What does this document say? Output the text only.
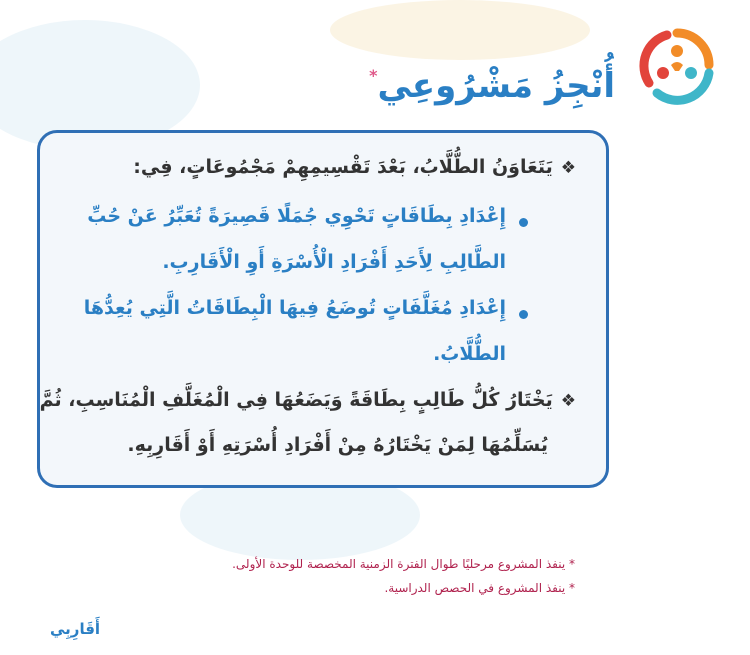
أُنْجِزُ مَشْرُوعِي*
❖يَتَعَاوَنُ الطُّلَّابُ، بَعْدَ تَقْسِيمِهِمْ مَجْمُوعَاتٍ، فِي:
إِعْدَادِ بِطَاقَاتٍ تَحْوِي جُمَلًا قَصِيرَةً تُعَبِّرُ عَنْ حُبِّ
الطَّالِبِ لِأَحَدِ أَفْرَادِ الْأُسْرَةِ أَوِ الْأَقَارِبِ.
إِعْدَادِ مُغَلَّفَاتٍ تُوضَعُ فِيهَا الْبِطَاقَاتُ الَّتِي يُعِدُّهَا
الطُّلَّابُ.
❖يَخْتَارُ كُلُّ طَالِبٍ بِطَاقَةً وَيَضَعُهَا فِي الْمُغَلَّفِ الْمُنَاسِبِ، ثُمَّ
يُسَلِّمُهَا لِمَنْ يَخْتَارُهُ مِنْ أَفْرَادِ أُسْرَتِهِ أَوْ أَقَارِبِهِ.
* ينفذ المشروع مرحليًا طوال الفترة الزمنية المخصصة للوحدة الأولى.
* ينفذ المشروع في الحصص الدراسية.
أَقَارِبِي
